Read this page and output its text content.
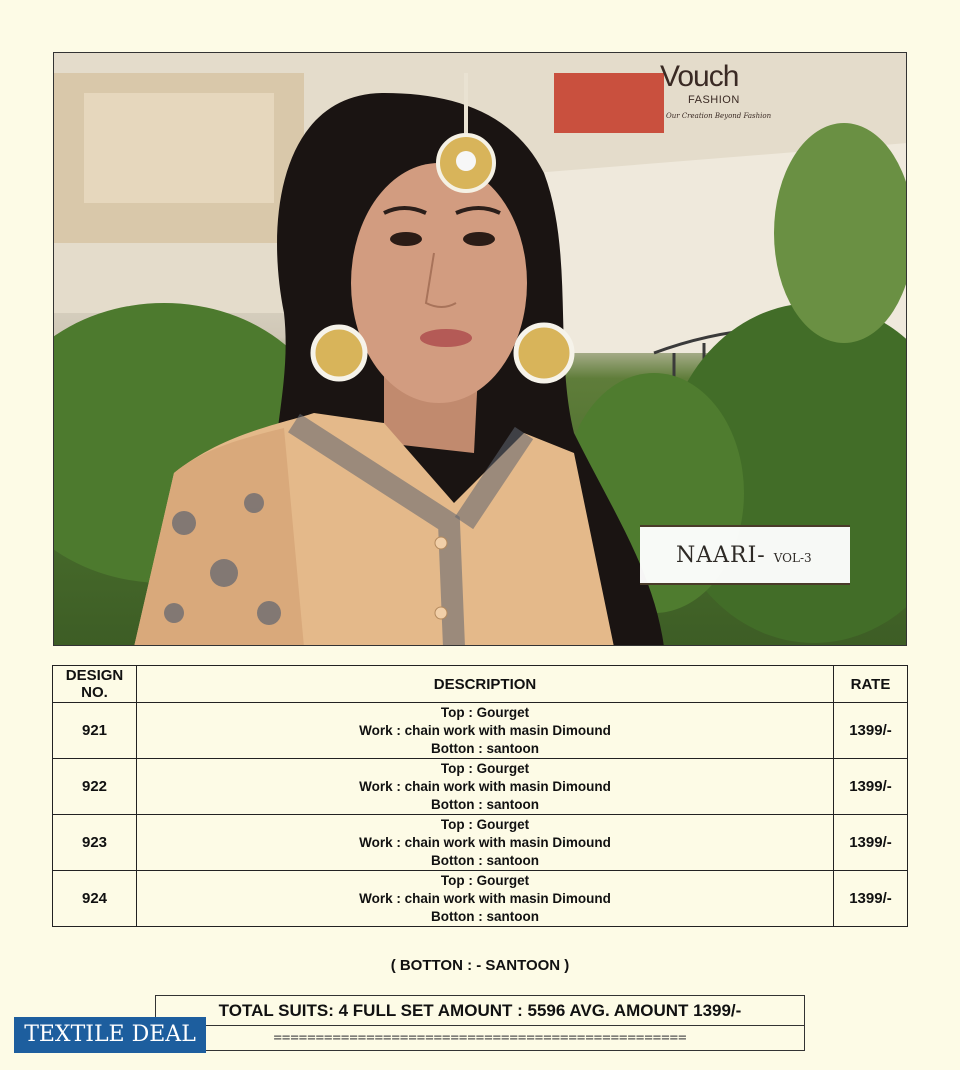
Vouch
FASHION
Our Creation Beyond Fashion
NAARI- VOL-3
DESIGN NO.	DESCRIPTION	RATE
921	Top : Gourget
Work : chain work with masin Dimound
Botton : santoon	1399/-
922	Top : Gourget
Work : chain work with masin Dimound
Botton : santoon	1399/-
923	Top : Gourget
Work : chain work with masin Dimound
Botton : santoon	1399/-
924	Top : Gourget
Work : chain work with masin Dimound
Botton : santoon	1399/-
( BOTTON : - SANTOON )
TOTAL SUITS: 4 FULL SET AMOUNT : 5596 AVG. AMOUNT 1399/-
=================================================
TEXTILE DEAL
